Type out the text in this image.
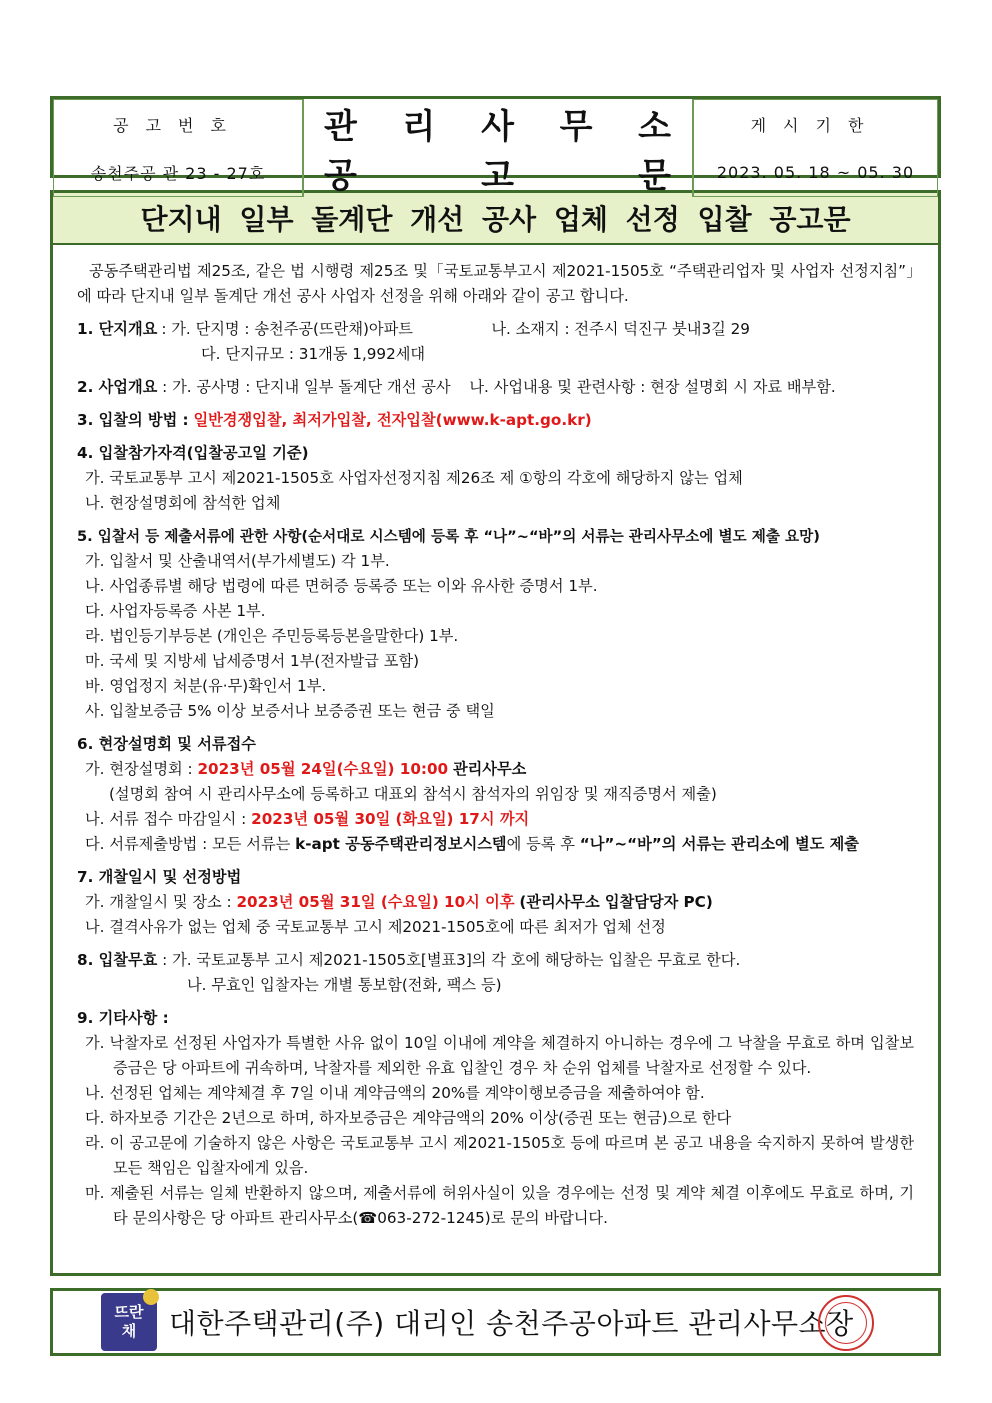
공고번호	관 리 사 무 소	게시기한
송천주공 관 23 - 27호	공	고	문	2023. 05. 18 ~ 05. 30
단지내 일부 돌계단 개선 공사 업체 선정 입찰 공고문
공동주택관리법 제25조, 같은 법 시행령 제25조 및「국토교통부고시 제2021-1505호 “주택관리업자 및 사업자 선정지침”」에 따라 단지내 일부 돌계단 개선 공사 사업자 선정을 위해 아래와 같이 공고 합니다.
1. 단지개요 : 가. 단지명 : 송천주공(뜨란채)아파트	나. 소재지 : 전주시 덕진구 붓내3길 29
다. 단지규모 : 31개동 1,992세대
2. 사업개요 : 가. 공사명 : 단지내 일부 돌계단 개선 공사 나. 사업내용 및 관련사항 : 현장 설명회 시 자료 배부함.
3. 입찰의 방법 : 일반경쟁입찰, 최저가입찰, 전자입찰(www.k-apt.go.kr)
4. 입찰참가자격(입찰공고일 기준)
가. 국토교통부 고시 제2021-1505호 사업자선정지침 제26조 제 ①항의 각호에 해당하지 않는 업체
나. 현장설명회에 참석한 업체
5. 입찰서 등 제출서류에 관한 사항(순서대로 시스템에 등록 후 “나”~“바”의 서류는 관리사무소에 별도 제출 요망)
가. 입찰서 및 산출내역서(부가세별도) 각 1부.
나. 사업종류별 해당 법령에 따른 면허증 등록증 또는 이와 유사한 증명서 1부.
다. 사업자등록증 사본 1부.
라. 법인등기부등본 (개인은 주민등록등본을말한다) 1부.
마. 국세 및 지방세 납세증명서 1부(전자발급 포함)
바. 영업정지 처분(유·무)확인서 1부.
사. 입찰보증금 5% 이상 보증서나 보증증권 또는 현금 중 택일
6. 현장설명회 및 서류접수
가. 현장설명회 : 2023년 05월 24일(수요일) 10:00 관리사무소
(설명회 참여 시 관리사무소에 등록하고 대표외 참석시 참석자의 위임장 및 재직증명서 제출)
나. 서류 접수 마감일시 : 2023년 05월 30일 (화요일) 17시 까지
다. 서류제출방법 : 모든 서류는 k-apt 공동주택관리정보시스템에 등록 후 “나”~“바”의 서류는 관리소에 별도 제출
7. 개찰일시 및 선정방법
가. 개찰일시 및 장소 : 2023년 05월 31일 (수요일) 10시 이후 (관리사무소 입찰담당자 PC)
나. 결격사유가 없는 업체 중 국토교통부 고시 제2021-1505호에 따른 최저가 업체 선정
8. 입찰무효 : 가. 국토교통부 고시 제2021-1505호[별표3]의 각 호에 해당하는 입찰은 무효로 한다.
나. 무효인 입찰자는 개별 통보함(전화, 팩스 등)
9. 기타사항 :
가. 낙찰자로 선정된 사업자가 특별한 사유 없이 10일 이내에 계약을 체결하지 아니하는 경우에 그 낙찰을 무효로 하며 입찰보증금은 당 아파트에 귀속하며, 낙찰자를 제외한 유효 입찰인 경우 차 순위 업체를 낙찰자로 선정할 수 있다.
나. 선정된 업체는 계약체결 후 7일 이내 계약금액의 20%를 계약이행보증금을 제출하여야 함.
다. 하자보증 기간은 2년으로 하며, 하자보증금은 계약금액의 20% 이상(증권 또는 현금)으로 한다
라. 이 공고문에 기술하지 않은 사항은 국토교통부 고시 제2021-1505호 등에 따르며 본 공고 내용을 숙지하지 못하여 발생한 모든 책임은 입찰자에게 있음.
마. 제출된 서류는 일체 반환하지 않으며, 제출서류에 허위사실이 있을 경우에는 선정 및 계약 체결 이후에도 무효로 하며, 기타 문의사항은 당 아파트 관리사무소(☎063-272-1245)로 문의 바랍니다.
뜨란
채 대한주택관리(주) 대리인 송천주공아파트 관리사무소장
